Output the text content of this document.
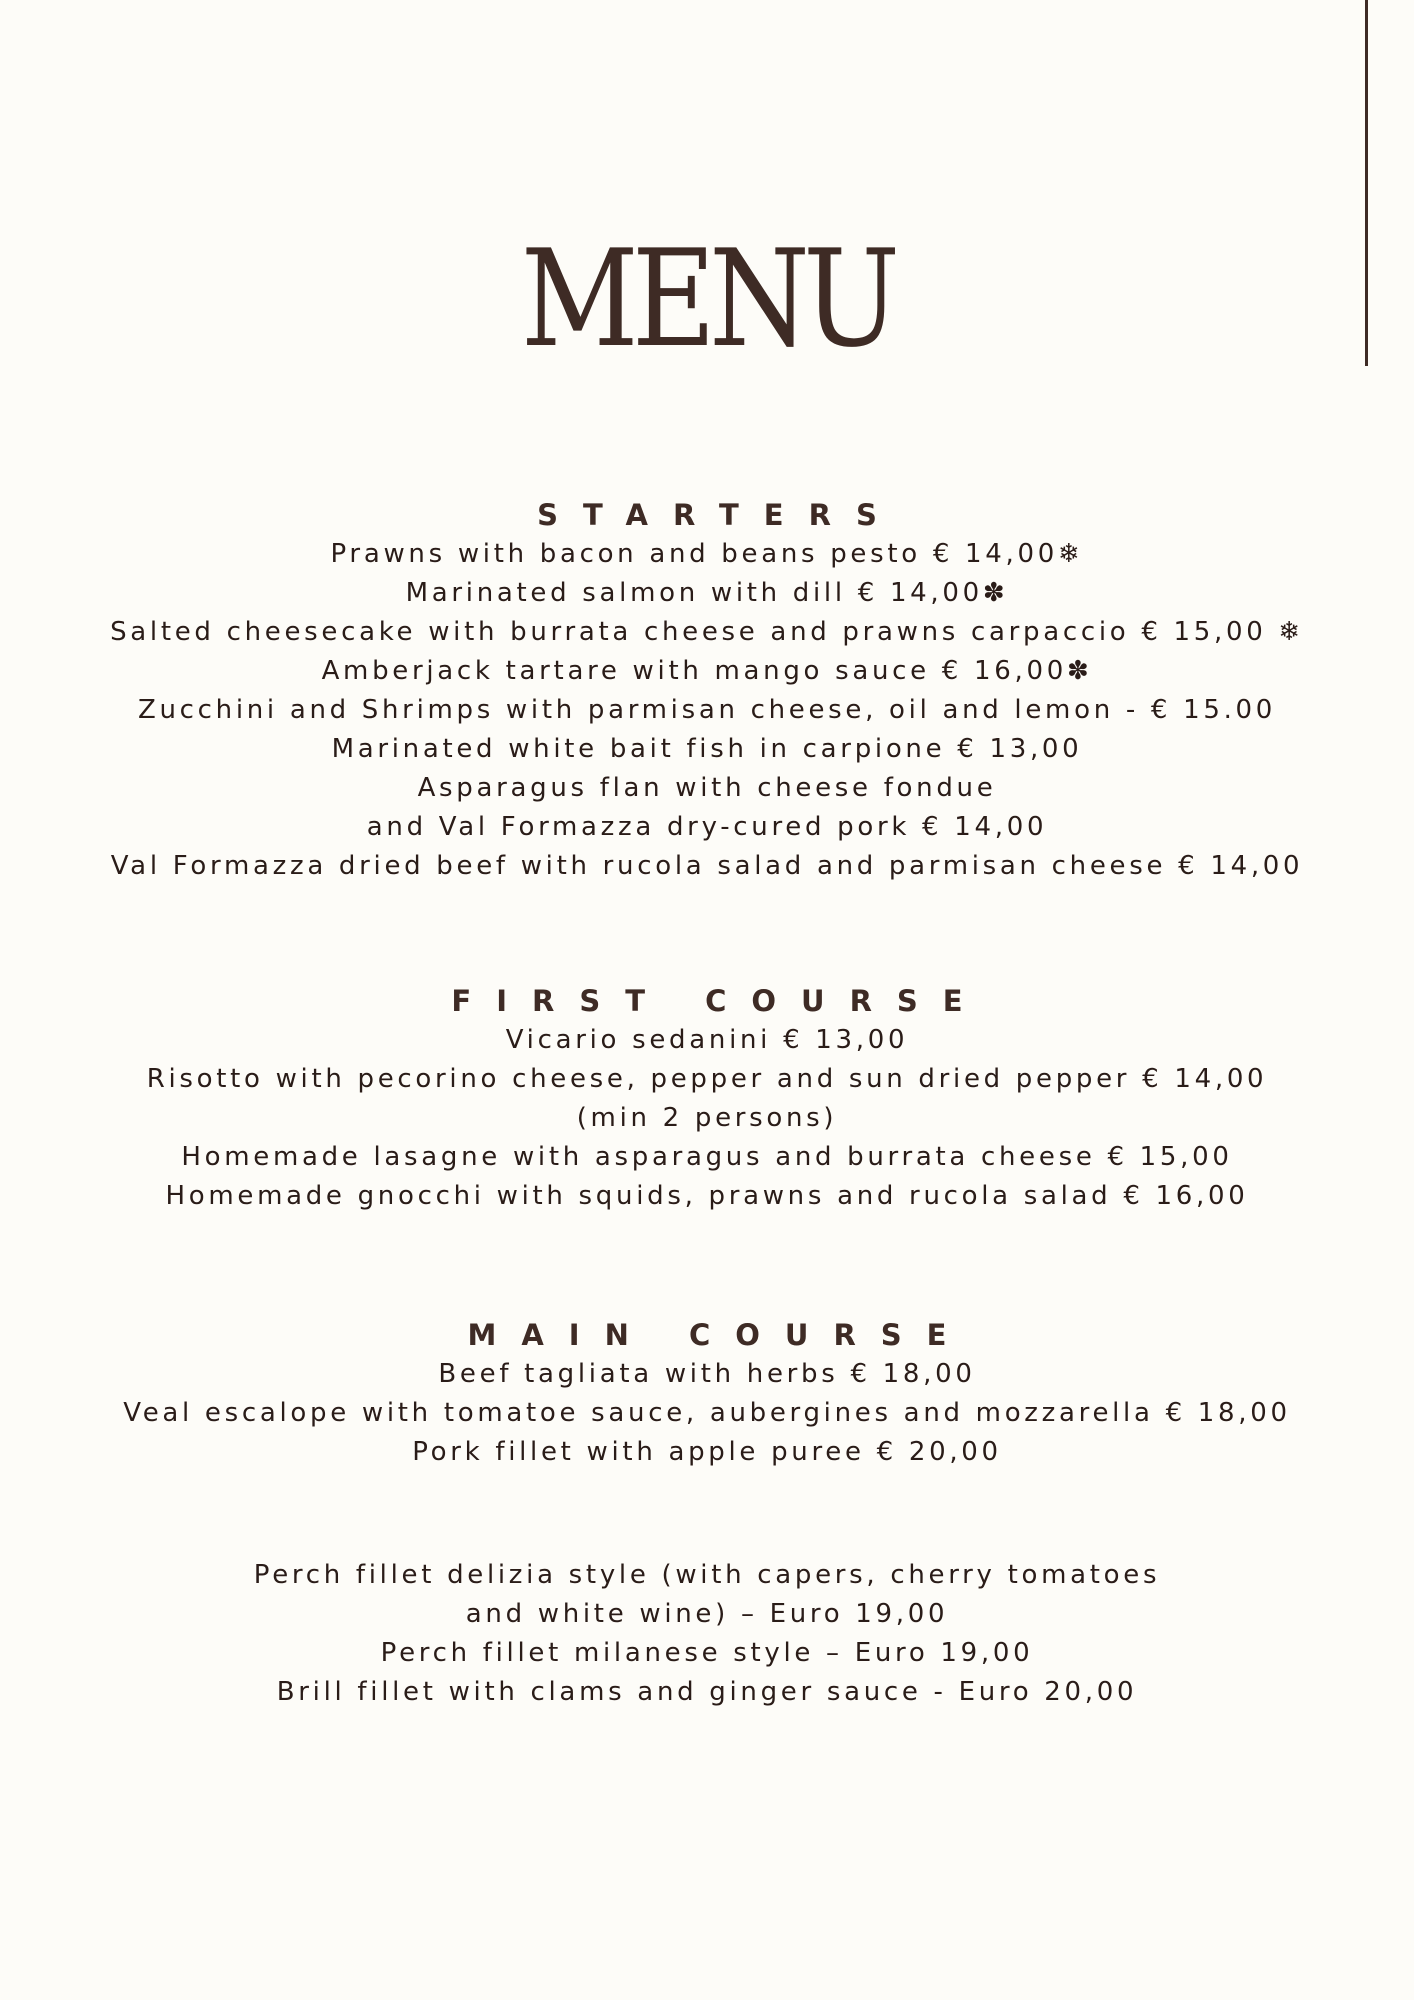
MENU
STARTERS
Prawns with bacon and beans pesto € 14,00❄
Marinated salmon with dill € 14,00✽
Salted cheesecake with burrata cheese and prawns carpaccio € 15,00 ❄
Amberjack tartare with mango sauce € 16,00✽
Zucchini and Shrimps with parmisan cheese, oil and lemon - € 15.00
Marinated white bait fish in carpione € 13,00
Asparagus flan with cheese fondue
and Val Formazza dry-cured pork € 14,00
Val Formazza dried beef with rucola salad and parmisan cheese € 14,00
FIRST COURSE
Vicario sedanini € 13,00
Risotto with pecorino cheese, pepper and sun dried pepper € 14,00
(min 2 persons)
Homemade lasagne with asparagus and burrata cheese € 15,00
Homemade gnocchi with squids, prawns and rucola salad € 16,00
MAIN COURSE
Beef tagliata with herbs € 18,00
Veal escalope with tomatoe sauce, aubergines and mozzarella € 18,00
Pork fillet with apple puree € 20,00
Perch fillet delizia style (with capers, cherry tomatoes
and white wine) – Euro 19,00
Perch fillet milanese style – Euro 19,00
Brill fillet with clams and ginger sauce - Euro 20,00
